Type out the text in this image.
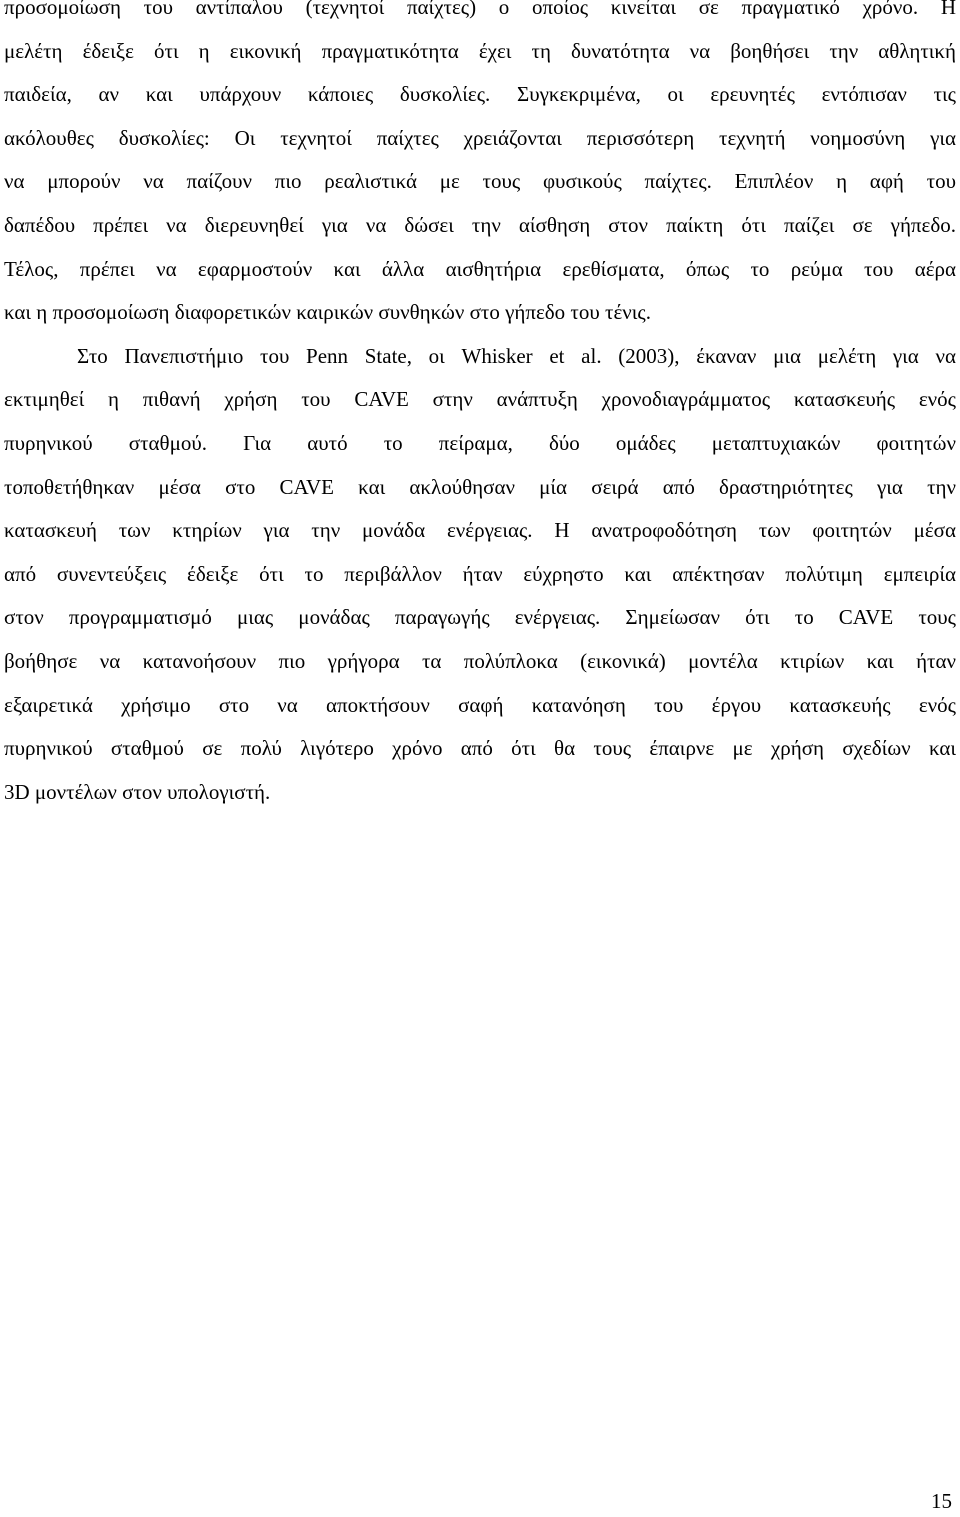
προσομοίωση του αντίπαλου (τεχνητοί παίχτες) ο οποίος κινείται σε πραγματικό χρόνο. Η
μελέτη έδειξε ότι η εικονική πραγματικότητα έχει τη δυνατότητα να βοηθήσει την αθλητική
παιδεία, αν και υπάρχουν κάποιες δυσκολίες. Συγκεκριμένα, οι ερευνητές εντόπισαν τις
ακόλουθες δυσκολίες: Οι τεχνητοί παίχτες χρειάζονται περισσότερη τεχνητή νοημοσύνη για
να μπορούν να παίζουν πιο ρεαλιστικά με τους φυσικούς παίχτες. Επιπλέον η αφή του
δαπέδου πρέπει να διερευνηθεί για να δώσει την αίσθηση στον παίκτη ότι παίζει σε γήπεδο.
Τέλος, πρέπει να εφαρμοστούν και άλλα αισθητήρια ερεθίσματα, όπως το ρεύμα του αέρα
και η προσομοίωση διαφορετικών καιρικών συνθηκών στο γήπεδο του τένις.

Στο Πανεπιστήμιο του Penn State, οι Whisker et al. (2003), έκαναν μια μελέτη για να
εκτιμηθεί η πιθανή χρήση του CAVE στην ανάπτυξη χρονοδιαγράμματος κατασκευής ενός
πυρηνικού σταθμού. Για αυτό το πείραμα, δύο ομάδες μεταπτυχιακών φοιτητών
τοποθετήθηκαν μέσα στο CAVE και ακλούθησαν μία σειρά από δραστηριότητες για την
κατασκευή των κτηρίων για την μονάδα ενέργειας. Η ανατροφοδότηση των φοιτητών μέσα
από συνεντεύξεις έδειξε ότι το περιβάλλον ήταν εύχρηστο και απέκτησαν πολύτιμη εμπειρία
στον προγραμματισμό μιας μονάδας παραγωγής ενέργειας. Σημείωσαν ότι το CAVE τους
βοήθησε να κατανοήσουν πιο γρήγορα τα πολύπλοκα (εικονικά) μοντέλα κτιρίων και ήταν
εξαιρετικά χρήσιμο στο να αποκτήσουν σαφή κατανόηση του έργου κατασκευής ενός
πυρηνικού σταθμού σε πολύ λιγότερο χρόνο από ότι θα τους έπαιρνε με χρήση σχεδίων και
3D μοντέλων στον υπολογιστή.

15
